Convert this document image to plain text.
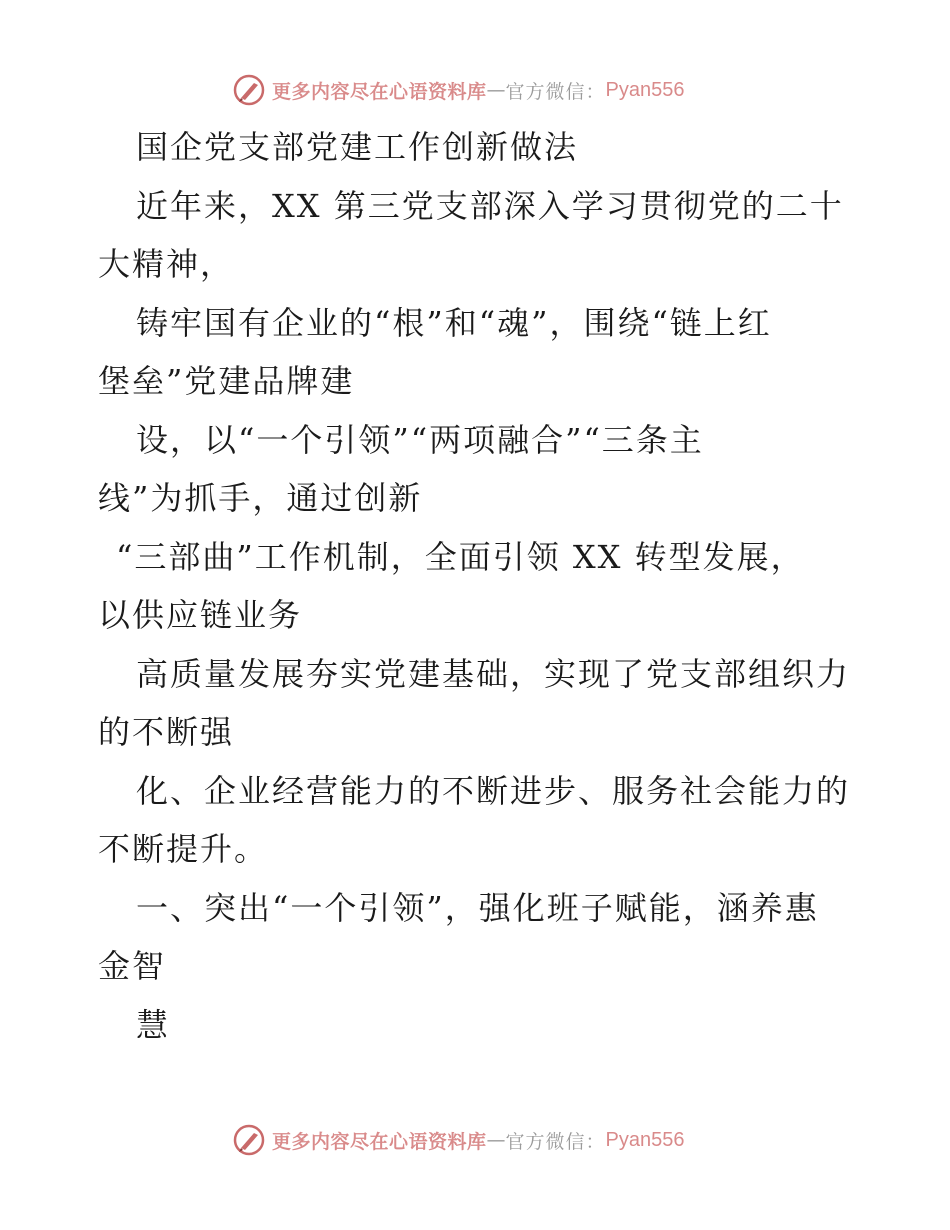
更多内容尽在心语资料库 — 官方微信： Pyan556
国企党支部党建工作创新做法
近年来，XX 第三党支部深入学习贯彻党的二十
大精神，
铸牢国有企业的“根”和“魂”，围绕“链上红
堡垒”党建品牌建
设，以“一个引领”“两项融合”“三条主
线”为抓手，通过创新
“三部曲”工作机制，全面引领 XX 转型发展，
以供应链业务
高质量发展夯实党建基础，实现了党支部组织力
的不断强
化、企业经营能力的不断进步、服务社会能力的
不断提升。
一、突出“一个引领”，强化班子赋能，涵养惠
金智
慧
更多内容尽在心语资料库 — 官方微信： Pyan556
